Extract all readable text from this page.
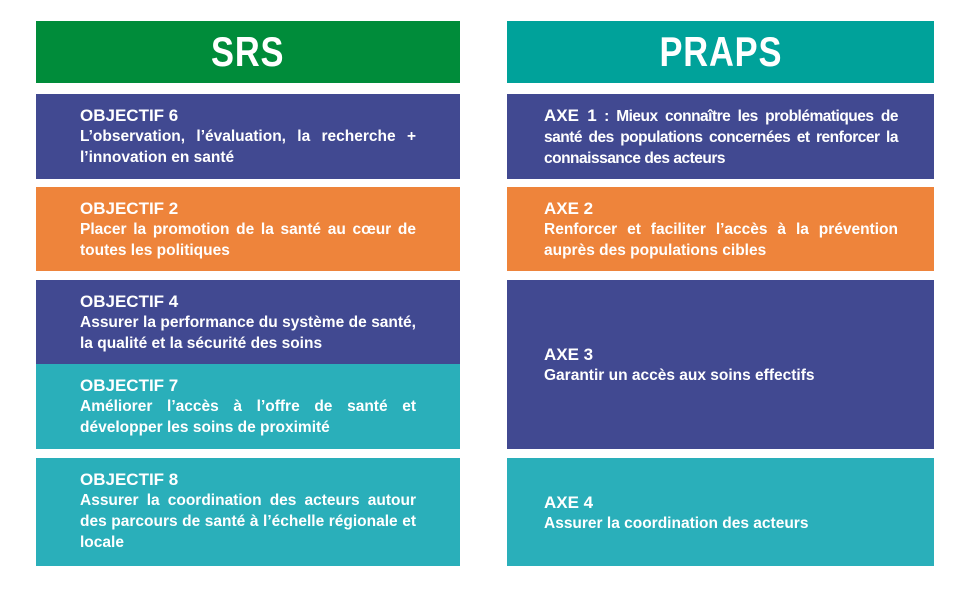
SRS	PRAPS
OBJECTIF 6
L’observation, l’évaluation, la recherche + l’innovation en santé
OBJECTIF 2
Placer la promotion de la santé au cœur de toutes les politiques
OBJECTIF 4
Assurer la performance du système de santé, la qualité et la sécurité des soins
OBJECTIF 7
Améliorer l’accès à l’offre de santé et développer les soins de proximité
OBJECTIF 8
Assurer la coordination des acteurs autour des parcours de santé à l’échelle régionale et locale
AXE 1 : Mieux connaître les problématiques de santé des populations concernées et renforcer la connaissance des acteurs
AXE 2
Renforcer et faciliter l’accès à la prévention auprès des populations cibles
AXE 3
Garantir un accès aux soins effectifs
AXE 4
Assurer la coordination des acteurs
